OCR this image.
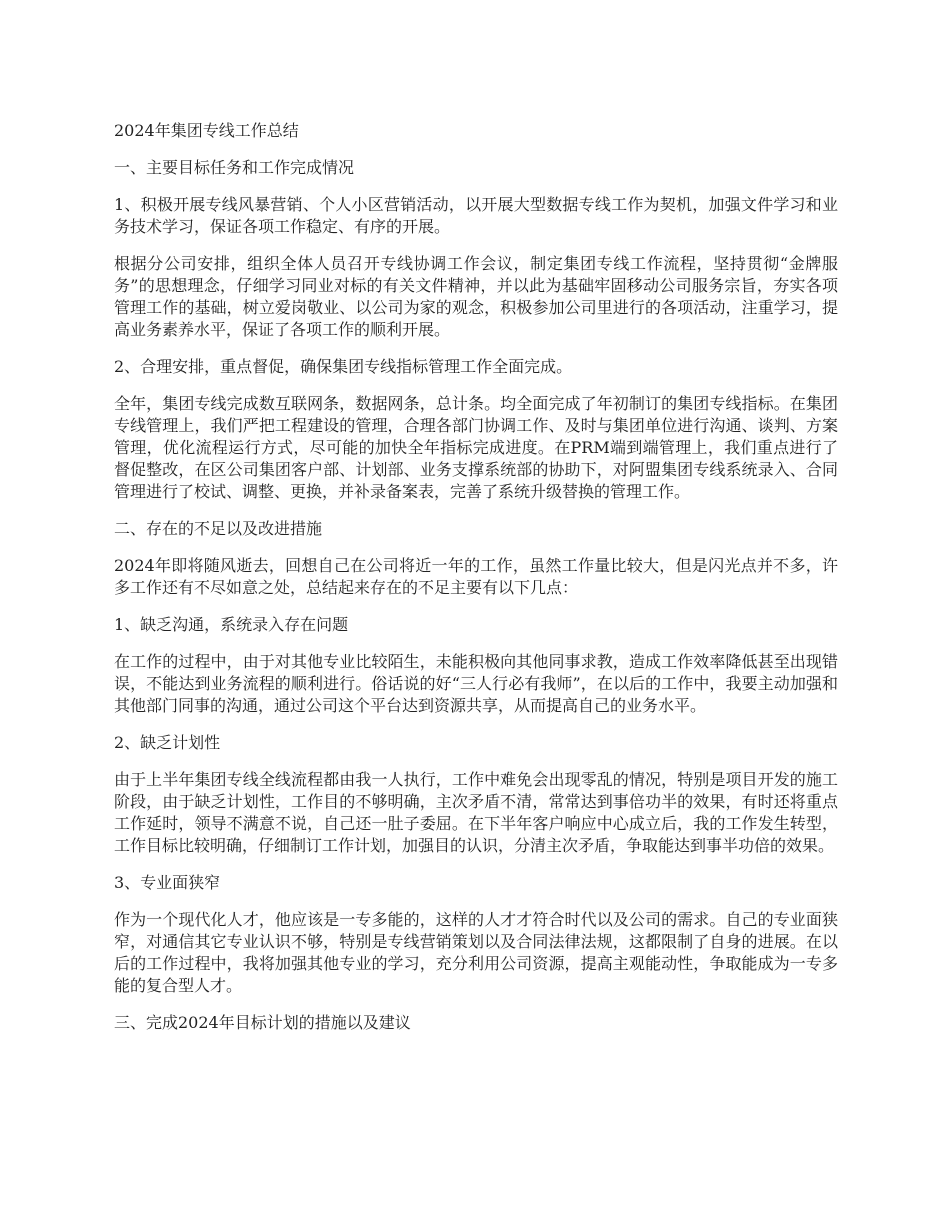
2024年集团专线工作总结

一、主要目标任务和工作完成情况

1、积极开展专线风暴营销、个人小区营销活动，以开展大型数据专线工作为契机，加强文件学习和业务技术学习，保证各项工作稳定、有序的开展。

根据分公司安排，组织全体人员召开专线协调工作会议，制定集团专线工作流程，坚持贯彻“金牌服务”的思想理念，仔细学习同业对标的有关文件精神，并以此为基础牢固移动公司服务宗旨，夯实各项管理工作的基础，树立爱岗敬业、以公司为家的观念，积极参加公司里进行的各项活动，注重学习，提高业务素养水平，保证了各项工作的顺利开展。

2、合理安排，重点督促，确保集团专线指标管理工作全面完成。

全年，集团专线完成数互联网条，数据网条，总计条。均全面完成了年初制订的集团专线指标。在集团专线管理上，我们严把工程建设的管理，合理各部门协调工作、及时与集团单位进行沟通、谈判、方案管理，优化流程运行方式，尽可能的加快全年指标完成进度。在PRM端到端管理上，我们重点进行了督促整改，在区公司集团客户部、计划部、业务支撑系统部的协助下，对阿盟集团专线系统录入、合同管理进行了校试、调整、更换，并补录备案表，完善了系统升级替换的管理工作。

二、存在的不足以及改进措施

2024年即将随风逝去，回想自己在公司将近一年的工作，虽然工作量比较大，但是闪光点并不多，许多工作还有不尽如意之处，总结起来存在的不足主要有以下几点：

1、缺乏沟通，系统录入存在问题

在工作的过程中，由于对其他专业比较陌生，未能积极向其他同事求教，造成工作效率降低甚至出现错误，不能达到业务流程的顺利进行。俗话说的好“三人行必有我师”，在以后的工作中，我要主动加强和其他部门同事的沟通，通过公司这个平台达到资源共享，从而提高自己的业务水平。

2、缺乏计划性

由于上半年集团专线全线流程都由我一人执行，工作中难免会出现零乱的情况，特别是项目开发的施工阶段，由于缺乏计划性，工作目的不够明确，主次矛盾不清，常常达到事倍功半的效果，有时还将重点工作延时，领导不满意不说，自己还一肚子委屈。在下半年客户响应中心成立后，我的工作发生转型，工作目标比较明确，仔细制订工作计划，加强目的认识，分清主次矛盾，争取能达到事半功倍的效果。

3、专业面狭窄

作为一个现代化人才，他应该是一专多能的，这样的人才才符合时代以及公司的需求。自己的专业面狭窄，对通信其它专业认识不够，特别是专线营销策划以及合同法律法规，这都限制了自身的进展。在以后的工作过程中，我将加强其他专业的学习，充分利用公司资源，提高主观能动性，争取能成为一专多能的复合型人才。

三、完成2024年目标计划的措施以及建议
